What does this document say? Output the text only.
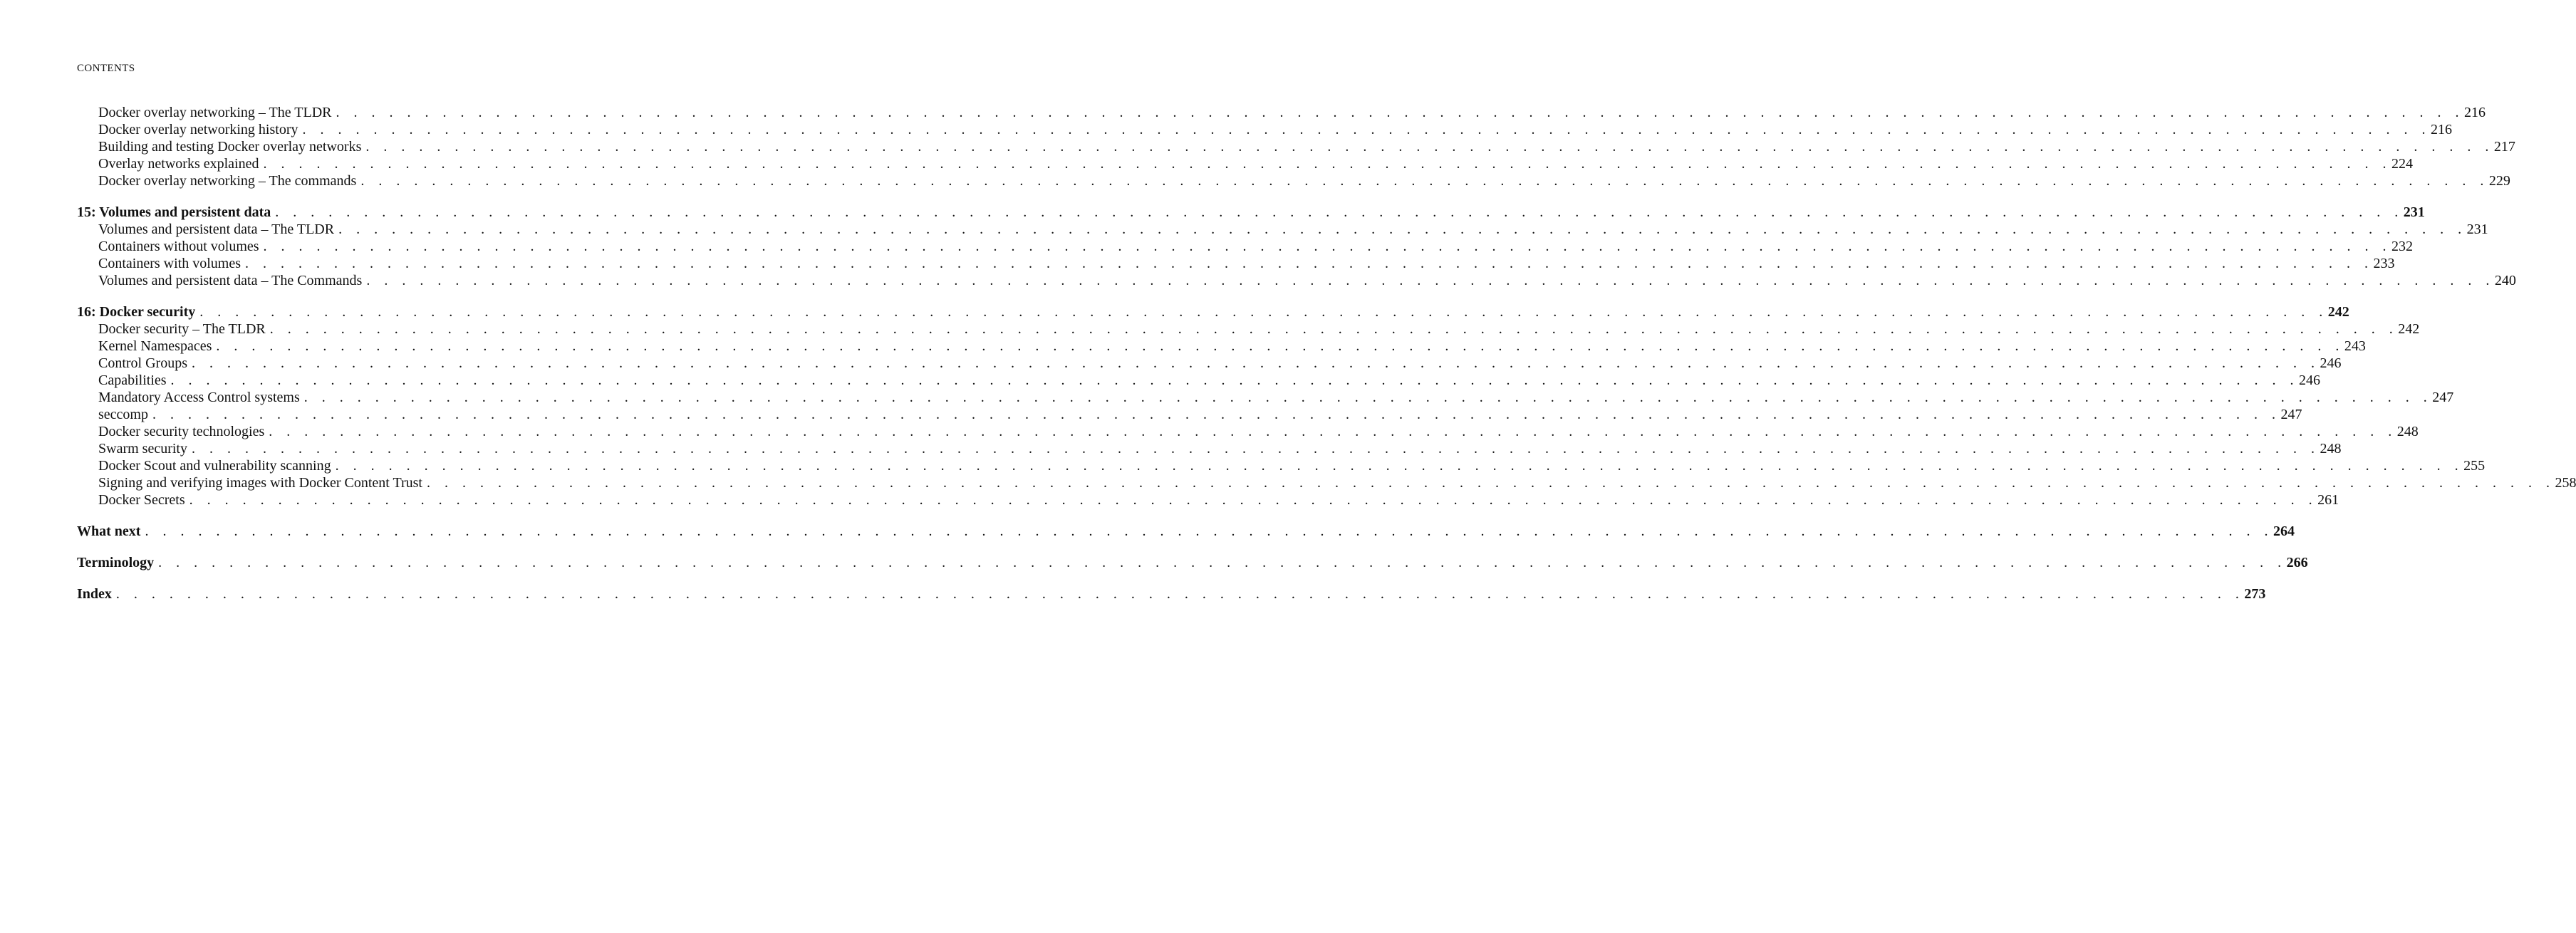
CONTENTS
Docker overlay networking – The TLDR . . . . . . . . . . . . . . . . . . . . . . . . . . . . . . . . . . . . . . . . . . . . . . . . . . . . . . . . . . . . . . . . . . . . . . . . . . . . . . . . . . . . . . . . . . . . . . . . . . . . . . . . . . . . . . . . . . . . . . . . 216
Docker overlay networking history . . . . . . . . . . . . . . . . . . . . . . . . . . . . . . . . . . . . . . . . . . . . . . . . . . . . . . . . . . . . . . . . . . . . . . . . . . . . . . . . . . . . . . . . . . . . . . . . . . . . . . . . . . . . . . . . . . . . . . . . 216
Building and testing Docker overlay networks . . . . . . . . . . . . . . . . . . . . . . . . . . . . . . . . . . . . . . . . . . . . . . . . . . . . . . . . . . . . . . . . . . . . . . . . . . . . . . . . . . . . . . . . . . . . . . . . . . . . . . . . . . . . . . . . . . . . . . . . 217
Overlay networks explained . . . . . . . . . . . . . . . . . . . . . . . . . . . . . . . . . . . . . . . . . . . . . . . . . . . . . . . . . . . . . . . . . . . . . . . . . . . . . . . . . . . . . . . . . . . . . . . . . . . . . . . . . . . . . . . . . . . . . . . . 224
Docker overlay networking – The commands . . . . . . . . . . . . . . . . . . . . . . . . . . . . . . . . . . . . . . . . . . . . . . . . . . . . . . . . . . . . . . . . . . . . . . . . . . . . . . . . . . . . . . . . . . . . . . . . . . . . . . . . . . . . . . . . . . . . . . . . 229
15: Volumes and persistent data . . . . . . . . . . . . . . . . . . . . . . . . . . . . . . . . . . . . . . . . . . . . . . . . . . . . . . . . . . . . . . . . . . . . . . . . . . . . . . . . . . . . . . . . . . . . . . . . . . . . . . . . . . . . . . . . . . . . . . . . 231
Volumes and persistent data – The TLDR . . . . . . . . . . . . . . . . . . . . . . . . . . . . . . . . . . . . . . . . . . . . . . . . . . . . . . . . . . . . . . . . . . . . . . . . . . . . . . . . . . . . . . . . . . . . . . . . . . . . . . . . . . . . . . . . . . . . . . . . 231
Containers without volumes . . . . . . . . . . . . . . . . . . . . . . . . . . . . . . . . . . . . . . . . . . . . . . . . . . . . . . . . . . . . . . . . . . . . . . . . . . . . . . . . . . . . . . . . . . . . . . . . . . . . . . . . . . . . . . . . . . . . . . . . 232
Containers with volumes . . . . . . . . . . . . . . . . . . . . . . . . . . . . . . . . . . . . . . . . . . . . . . . . . . . . . . . . . . . . . . . . . . . . . . . . . . . . . . . . . . . . . . . . . . . . . . . . . . . . . . . . . . . . . . . . . . . . . . . . 233
Volumes and persistent data – The Commands . . . . . . . . . . . . . . . . . . . . . . . . . . . . . . . . . . . . . . . . . . . . . . . . . . . . . . . . . . . . . . . . . . . . . . . . . . . . . . . . . . . . . . . . . . . . . . . . . . . . . . . . . . . . . . . . . . . . . . . . 240
16: Docker security . . . . . . . . . . . . . . . . . . . . . . . . . . . . . . . . . . . . . . . . . . . . . . . . . . . . . . . . . . . . . . . . . . . . . . . . . . . . . . . . . . . . . . . . . . . . . . . . . . . . . . . . . . . . . . . . . . . . . . . . 242
Docker security – The TLDR . . . . . . . . . . . . . . . . . . . . . . . . . . . . . . . . . . . . . . . . . . . . . . . . . . . . . . . . . . . . . . . . . . . . . . . . . . . . . . . . . . . . . . . . . . . . . . . . . . . . . . . . . . . . . . . . . . . . . . . . 242
Kernel Namespaces . . . . . . . . . . . . . . . . . . . . . . . . . . . . . . . . . . . . . . . . . . . . . . . . . . . . . . . . . . . . . . . . . . . . . . . . . . . . . . . . . . . . . . . . . . . . . . . . . . . . . . . . . . . . . . . . . . . . . . . . 243
Control Groups . . . . . . . . . . . . . . . . . . . . . . . . . . . . . . . . . . . . . . . . . . . . . . . . . . . . . . . . . . . . . . . . . . . . . . . . . . . . . . . . . . . . . . . . . . . . . . . . . . . . . . . . . . . . . . . . . . . . . . . . 246
Capabilities . . . . . . . . . . . . . . . . . . . . . . . . . . . . . . . . . . . . . . . . . . . . . . . . . . . . . . . . . . . . . . . . . . . . . . . . . . . . . . . . . . . . . . . . . . . . . . . . . . . . . . . . . . . . . . . . . . . . . . . . 246
Mandatory Access Control systems . . . . . . . . . . . . . . . . . . . . . . . . . . . . . . . . . . . . . . . . . . . . . . . . . . . . . . . . . . . . . . . . . . . . . . . . . . . . . . . . . . . . . . . . . . . . . . . . . . . . . . . . . . . . . . . . . . . . . . . . 247
seccomp . . . . . . . . . . . . . . . . . . . . . . . . . . . . . . . . . . . . . . . . . . . . . . . . . . . . . . . . . . . . . . . . . . . . . . . . . . . . . . . . . . . . . . . . . . . . . . . . . . . . . . . . . . . . . . . . . . . . . . . . 247
Docker security technologies . . . . . . . . . . . . . . . . . . . . . . . . . . . . . . . . . . . . . . . . . . . . . . . . . . . . . . . . . . . . . . . . . . . . . . . . . . . . . . . . . . . . . . . . . . . . . . . . . . . . . . . . . . . . . . . . . . . . . . . . 248
Swarm security . . . . . . . . . . . . . . . . . . . . . . . . . . . . . . . . . . . . . . . . . . . . . . . . . . . . . . . . . . . . . . . . . . . . . . . . . . . . . . . . . . . . . . . . . . . . . . . . . . . . . . . . . . . . . . . . . . . . . . . . 248
Docker Scout and vulnerability scanning . . . . . . . . . . . . . . . . . . . . . . . . . . . . . . . . . . . . . . . . . . . . . . . . . . . . . . . . . . . . . . . . . . . . . . . . . . . . . . . . . . . . . . . . . . . . . . . . . . . . . . . . . . . . . . . . . . . . . . . . 255
Signing and verifying images with Docker Content Trust . . . . . . . . . . . . . . . . . . . . . . . . . . . . . . . . . . . . . . . . . . . . . . . . . . . . . . . . . . . . . . . . . . . . . . . . . . . . . . . . . . . . . . . . . . . . . . . . . . . . . . . . . . . . . . . . . . . . . . . . 258
Docker Secrets . . . . . . . . . . . . . . . . . . . . . . . . . . . . . . . . . . . . . . . . . . . . . . . . . . . . . . . . . . . . . . . . . . . . . . . . . . . . . . . . . . . . . . . . . . . . . . . . . . . . . . . . . . . . . . . . . . . . . . . . 261
What next . . . . . . . . . . . . . . . . . . . . . . . . . . . . . . . . . . . . . . . . . . . . . . . . . . . . . . . . . . . . . . . . . . . . . . . . . . . . . . . . . . . . . . . . . . . . . . . . . . . . . . . . . . . . . . . . . . . . . . . . 264
Terminology . . . . . . . . . . . . . . . . . . . . . . . . . . . . . . . . . . . . . . . . . . . . . . . . . . . . . . . . . . . . . . . . . . . . . . . . . . . . . . . . . . . . . . . . . . . . . . . . . . . . . . . . . . . . . . . . . . . . . . . . 266
Index . . . . . . . . . . . . . . . . . . . . . . . . . . . . . . . . . . . . . . . . . . . . . . . . . . . . . . . . . . . . . . . . . . . . . . . . . . . . . . . . . . . . . . . . . . . . . . . . . . . . . . . . . . . . . . . . . . . . . . . . 273
